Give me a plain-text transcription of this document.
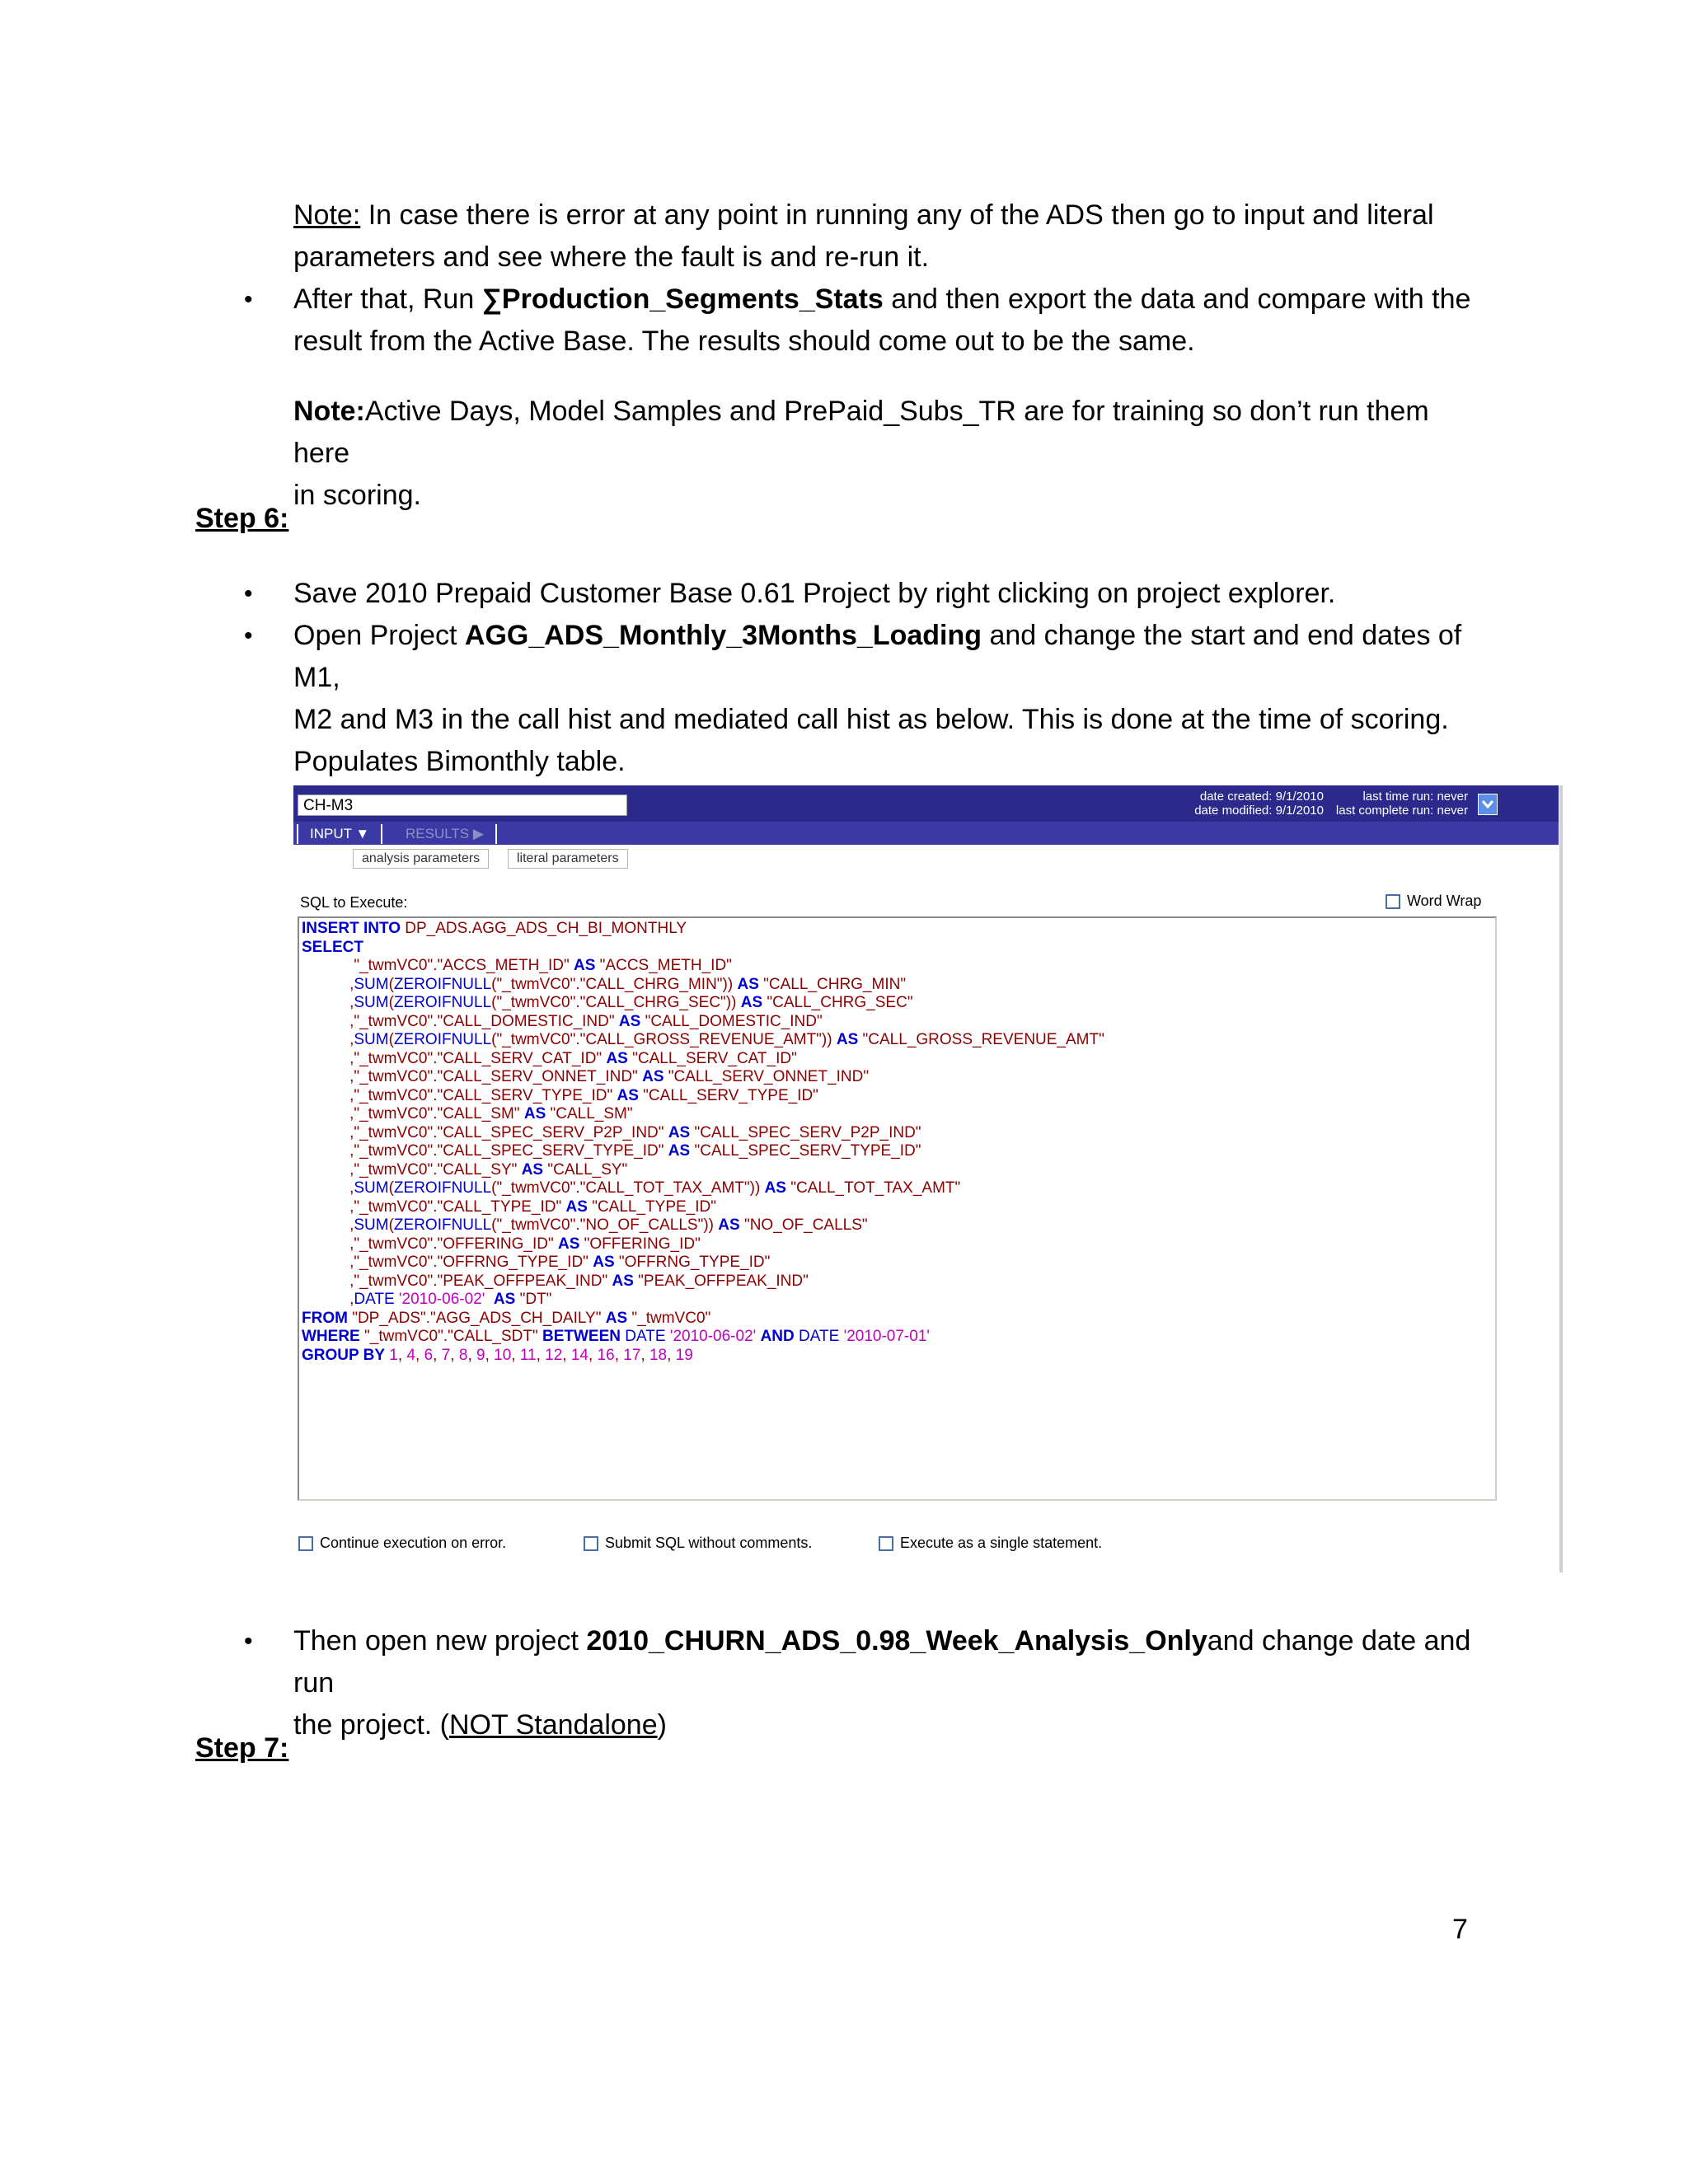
Note: In case there is error at any point in running any of the ADS then go to input and literal
parameters and see where the fault is and re-run it.
• After that, Run ∑Production_Segments_Stats and then export the data and compare with the
result from the Active Base. The results should come out to be the same.
Note:Active Days, Model Samples and PrePaid_Subs_TR are for training so don’t run them here
in scoring.
Step 6:
• Save 2010 Prepaid Customer Base 0.61 Project by right clicking on project explorer.
• Open Project AGG_ADS_Monthly_3Months_Loading and change the start and end dates of M1,
M2 and M3 in the call hist and mediated call hist as below. This is done at the time of scoring.
Populates Bimonthly table.
CH-M3
date created: 9/1/2010
date modified: 9/1/2010
last time run: never
last complete run: never
INPUT ▼	RESULTS ▶
analysis parameters	literal parameters
SQL to Execute:	Word Wrap
INSERT INTO DP_ADS.AGG_ADS_CH_BI_MONTHLY
SELECT
"_twmVC0"."ACCS_METH_ID" AS "ACCS_METH_ID"
,SUM(ZEROIFNULL("_twmVC0"."CALL_CHRG_MIN")) AS "CALL_CHRG_MIN"
,SUM(ZEROIFNULL("_twmVC0"."CALL_CHRG_SEC")) AS "CALL_CHRG_SEC"
,"_twmVC0"."CALL_DOMESTIC_IND" AS "CALL_DOMESTIC_IND"
,SUM(ZEROIFNULL("_twmVC0"."CALL_GROSS_REVENUE_AMT")) AS "CALL_GROSS_REVENUE_AMT"
,"_twmVC0"."CALL_SERV_CAT_ID" AS "CALL_SERV_CAT_ID"
,"_twmVC0"."CALL_SERV_ONNET_IND" AS "CALL_SERV_ONNET_IND"
,"_twmVC0"."CALL_SERV_TYPE_ID" AS "CALL_SERV_TYPE_ID"
,"_twmVC0"."CALL_SM" AS "CALL_SM"
,"_twmVC0"."CALL_SPEC_SERV_P2P_IND" AS "CALL_SPEC_SERV_P2P_IND"
,"_twmVC0"."CALL_SPEC_SERV_TYPE_ID" AS "CALL_SPEC_SERV_TYPE_ID"
,"_twmVC0"."CALL_SY" AS "CALL_SY"
,SUM(ZEROIFNULL("_twmVC0"."CALL_TOT_TAX_AMT")) AS "CALL_TOT_TAX_AMT"
,"_twmVC0"."CALL_TYPE_ID" AS "CALL_TYPE_ID"
,SUM(ZEROIFNULL("_twmVC0"."NO_OF_CALLS")) AS "NO_OF_CALLS"
,"_twmVC0"."OFFERING_ID" AS "OFFERING_ID"
,"_twmVC0"."OFFRNG_TYPE_ID" AS "OFFRNG_TYPE_ID"
,"_twmVC0"."PEAK_OFFPEAK_IND" AS "PEAK_OFFPEAK_IND"
,DATE '2010-06-02' AS "DT"
FROM "DP_ADS"."AGG_ADS_CH_DAILY" AS "_twmVC0"
WHERE "_twmVC0"."CALL_SDT" BETWEEN DATE '2010-06-02' AND DATE '2010-07-01'
GROUP BY 1, 4, 6, 7, 8, 9, 10, 11, 12, 14, 16, 17, 18, 19
Continue execution on error.	Submit SQL without comments.	Execute as a single statement.
• Then open new project 2010_CHURN_ADS_0.98_Week_Analysis_Onlyand change date and run
the project. (NOT Standalone)
Step 7:
7
